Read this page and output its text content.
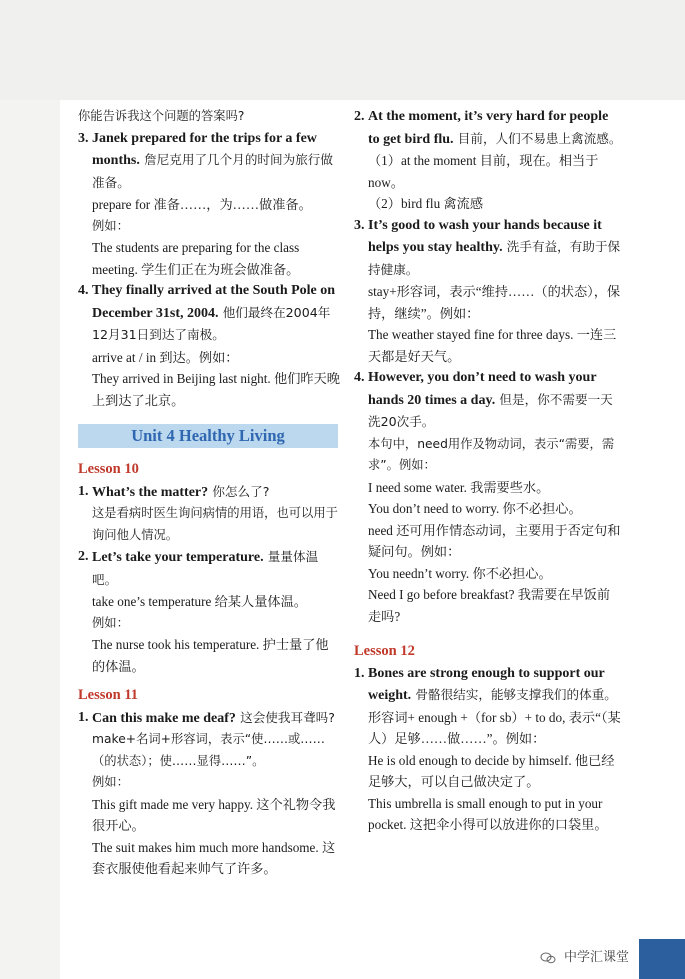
你能告诉我这个问题的答案吗?

3. Janek prepared for the trips for a few months. 詹尼克用了几个月的时间为旅行做准备。

prepare for 准备……，为……做准备。

例如：

The students are preparing for the class meeting. 学生们正在为班会做准备。

4. They finally arrived at the South Pole on December 31st, 2004. 他们最终在2004年12月31日到达了南极。

arrive at / in 到达。例如：

They arrived in Beijing last night. 他们昨天晚上到达了北京。

Lesson 10

1. What’s the matter? 你怎么了?

这是看病时医生询问病情的用语，也可以用于询问他人情况。

2. Let’s take your temperature. 量量体温吧。

take one’s temperature 给某人量体温。

例如：

The nurse took his temperature. 护士量了他的体温。

Lesson 11

1. Can this make me deaf? 这会使我耳聋吗?

make+名词+形容词，表示“使……或……（的状态）；使……显得……”。

例如：

This gift made me very happy. 这个礼物令我很开心。

The suit makes him much more handsome. 这套衣服使他看起来帅气了许多。

Unit 4 Healthy Living
2. At the moment, it’s very hard for people to get bird flu. 目前，人们不易患上禽流感。

（1）at the moment 目前，现在。相当于 now。

（2）bird flu 禽流感

3. It’s good to wash your hands because it helps you stay healthy. 洗手有益，有助于保持健康。

stay+形容词，表示“维持……（的状态），保持，继续”。例如：

The weather stayed fine for three days. 一连三天都是好天气。

4. However, you don’t need to wash your hands 20 times a day. 但是，你不需要一天洗20次手。

本句中，need用作及物动词，表示“需要，需求”。例如：

I need some water. 我需要些水。

You don’t need to worry. 你不必担心。

need 还可用作情态动词，主要用于否定句和疑问句。例如：

You needn’t worry. 你不必担心。

Need I go before breakfast? 我需要在早饭前走吗?

Lesson 12

1. Bones are strong enough to support our weight. 骨骼很结实，能够支撑我们的体重。

形容词+ enough +（for sb）+ to do, 表示“（某人）足够……做……”。例如：

He is old enough to decide by himself. 他已经足够大，可以自己做决定了。

This umbrella is small enough to put in your pocket. 这把伞小得可以放进你的口袋里。

中学汇课堂
